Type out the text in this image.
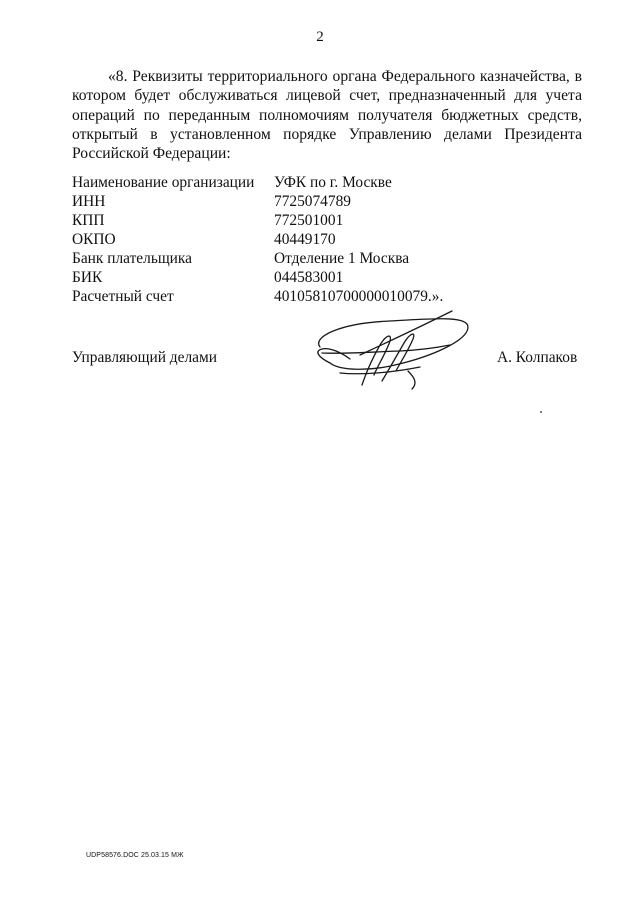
2

«8. Реквизиты территориального органа Федерального казначейства, в котором будет обслуживаться лицевой счет, предназначенный для учета операций по переданным полномочиям получателя бюджетных средств, открытый в установленном порядке Управлению делами Президента Российской Федерации:

Наименование организации	УФК по г. Москве
ИНН	7725074789
КПП	772501001
ОКПО	40449170
Банк плательщика	Отделение 1 Москва
БИК	044583001
Расчетный счет	40105810700000010079.».
Управляющий делами	А. Колпаков
UDP58576.DOC 25.03.15 МЖ
